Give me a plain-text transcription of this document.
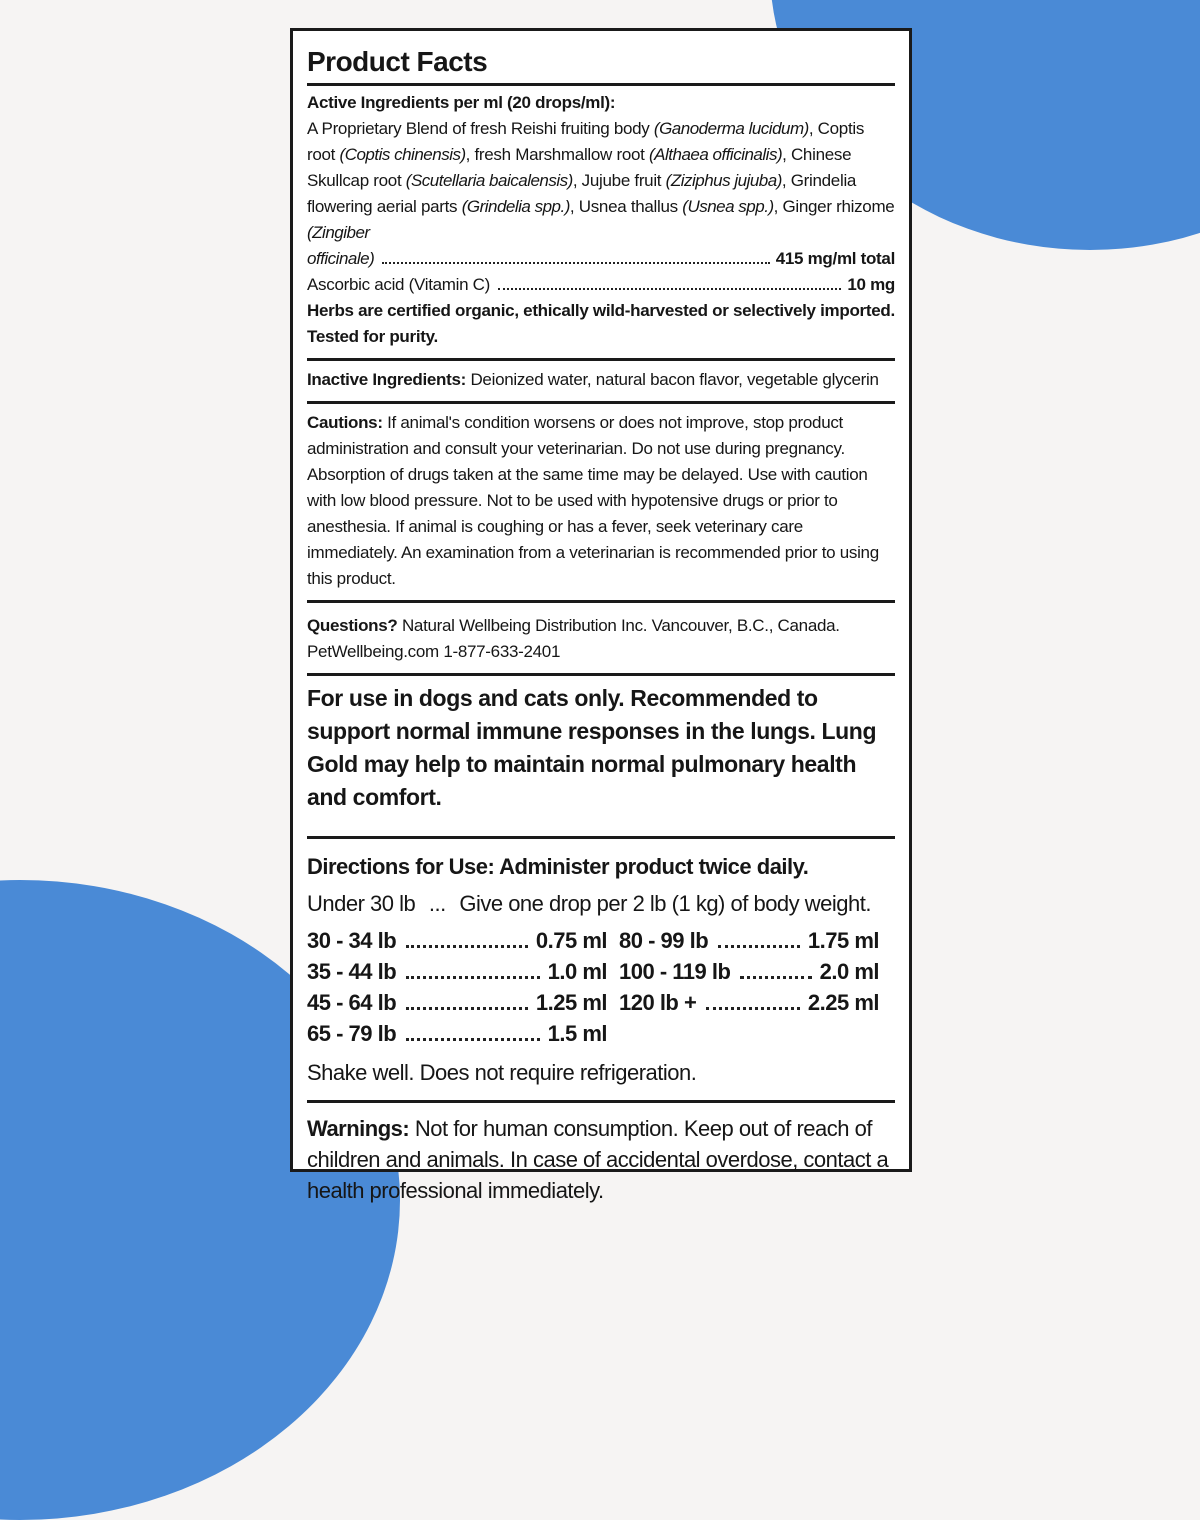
Product Facts
Active Ingredients per ml (20 drops/ml):
A Proprietary Blend of fresh Reishi fruiting body (Ganoderma lucidum), Coptis root (Coptis chinensis), fresh Marshmallow root (Althaea officinalis), Chinese Skullcap root (Scutellaria baicalensis), Jujube fruit (Ziziphus jujuba), Grindelia flowering aerial parts (Grindelia spp.), Usnea thallus (Usnea spp.), Ginger rhizome (Zingiber
officinale)	415 mg/ml total
Ascorbic acid (Vitamin C)	10 mg
Herbs are certified organic, ethically wild-harvested or selectively imported. Tested for purity.
Inactive Ingredients: Deionized water, natural bacon flavor, vegetable glycerin
Cautions: If animal's condition worsens or does not improve, stop product administration and consult your veterinarian. Do not use during pregnancy. Absorption of drugs taken at the same time may be delayed. Use with caution with low blood pressure. Not to be used with hypotensive drugs or prior to anesthesia. If animal is coughing or has a fever, seek veterinary care immediately. An examination from a veterinarian is recommended prior to using this product.
Questions? Natural Wellbeing Distribution Inc. Vancouver, B.C., Canada.
PetWellbeing.com 1-877-633-2401
For use in dogs and cats only. Recommended to support normal immune responses in the lungs. Lung Gold may help to maintain normal pulmonary health and comfort.
Directions for Use: Administer product twice daily.
Under 30 lb ... Give one drop per 2 lb (1 kg) of body weight.
30 - 34 lb	0.75 ml
35 - 44 lb	1.0 ml
45 - 64 lb	1.25 ml
65 - 79 lb	1.5 ml
80 - 99 lb	1.75 ml
100 - 119 lb	2.0 ml
120 lb +	2.25 ml
Shake well. Does not require refrigeration.
Warnings: Not for human consumption. Keep out of reach of children and animals. In case of accidental overdose, contact a health professional immediately.
